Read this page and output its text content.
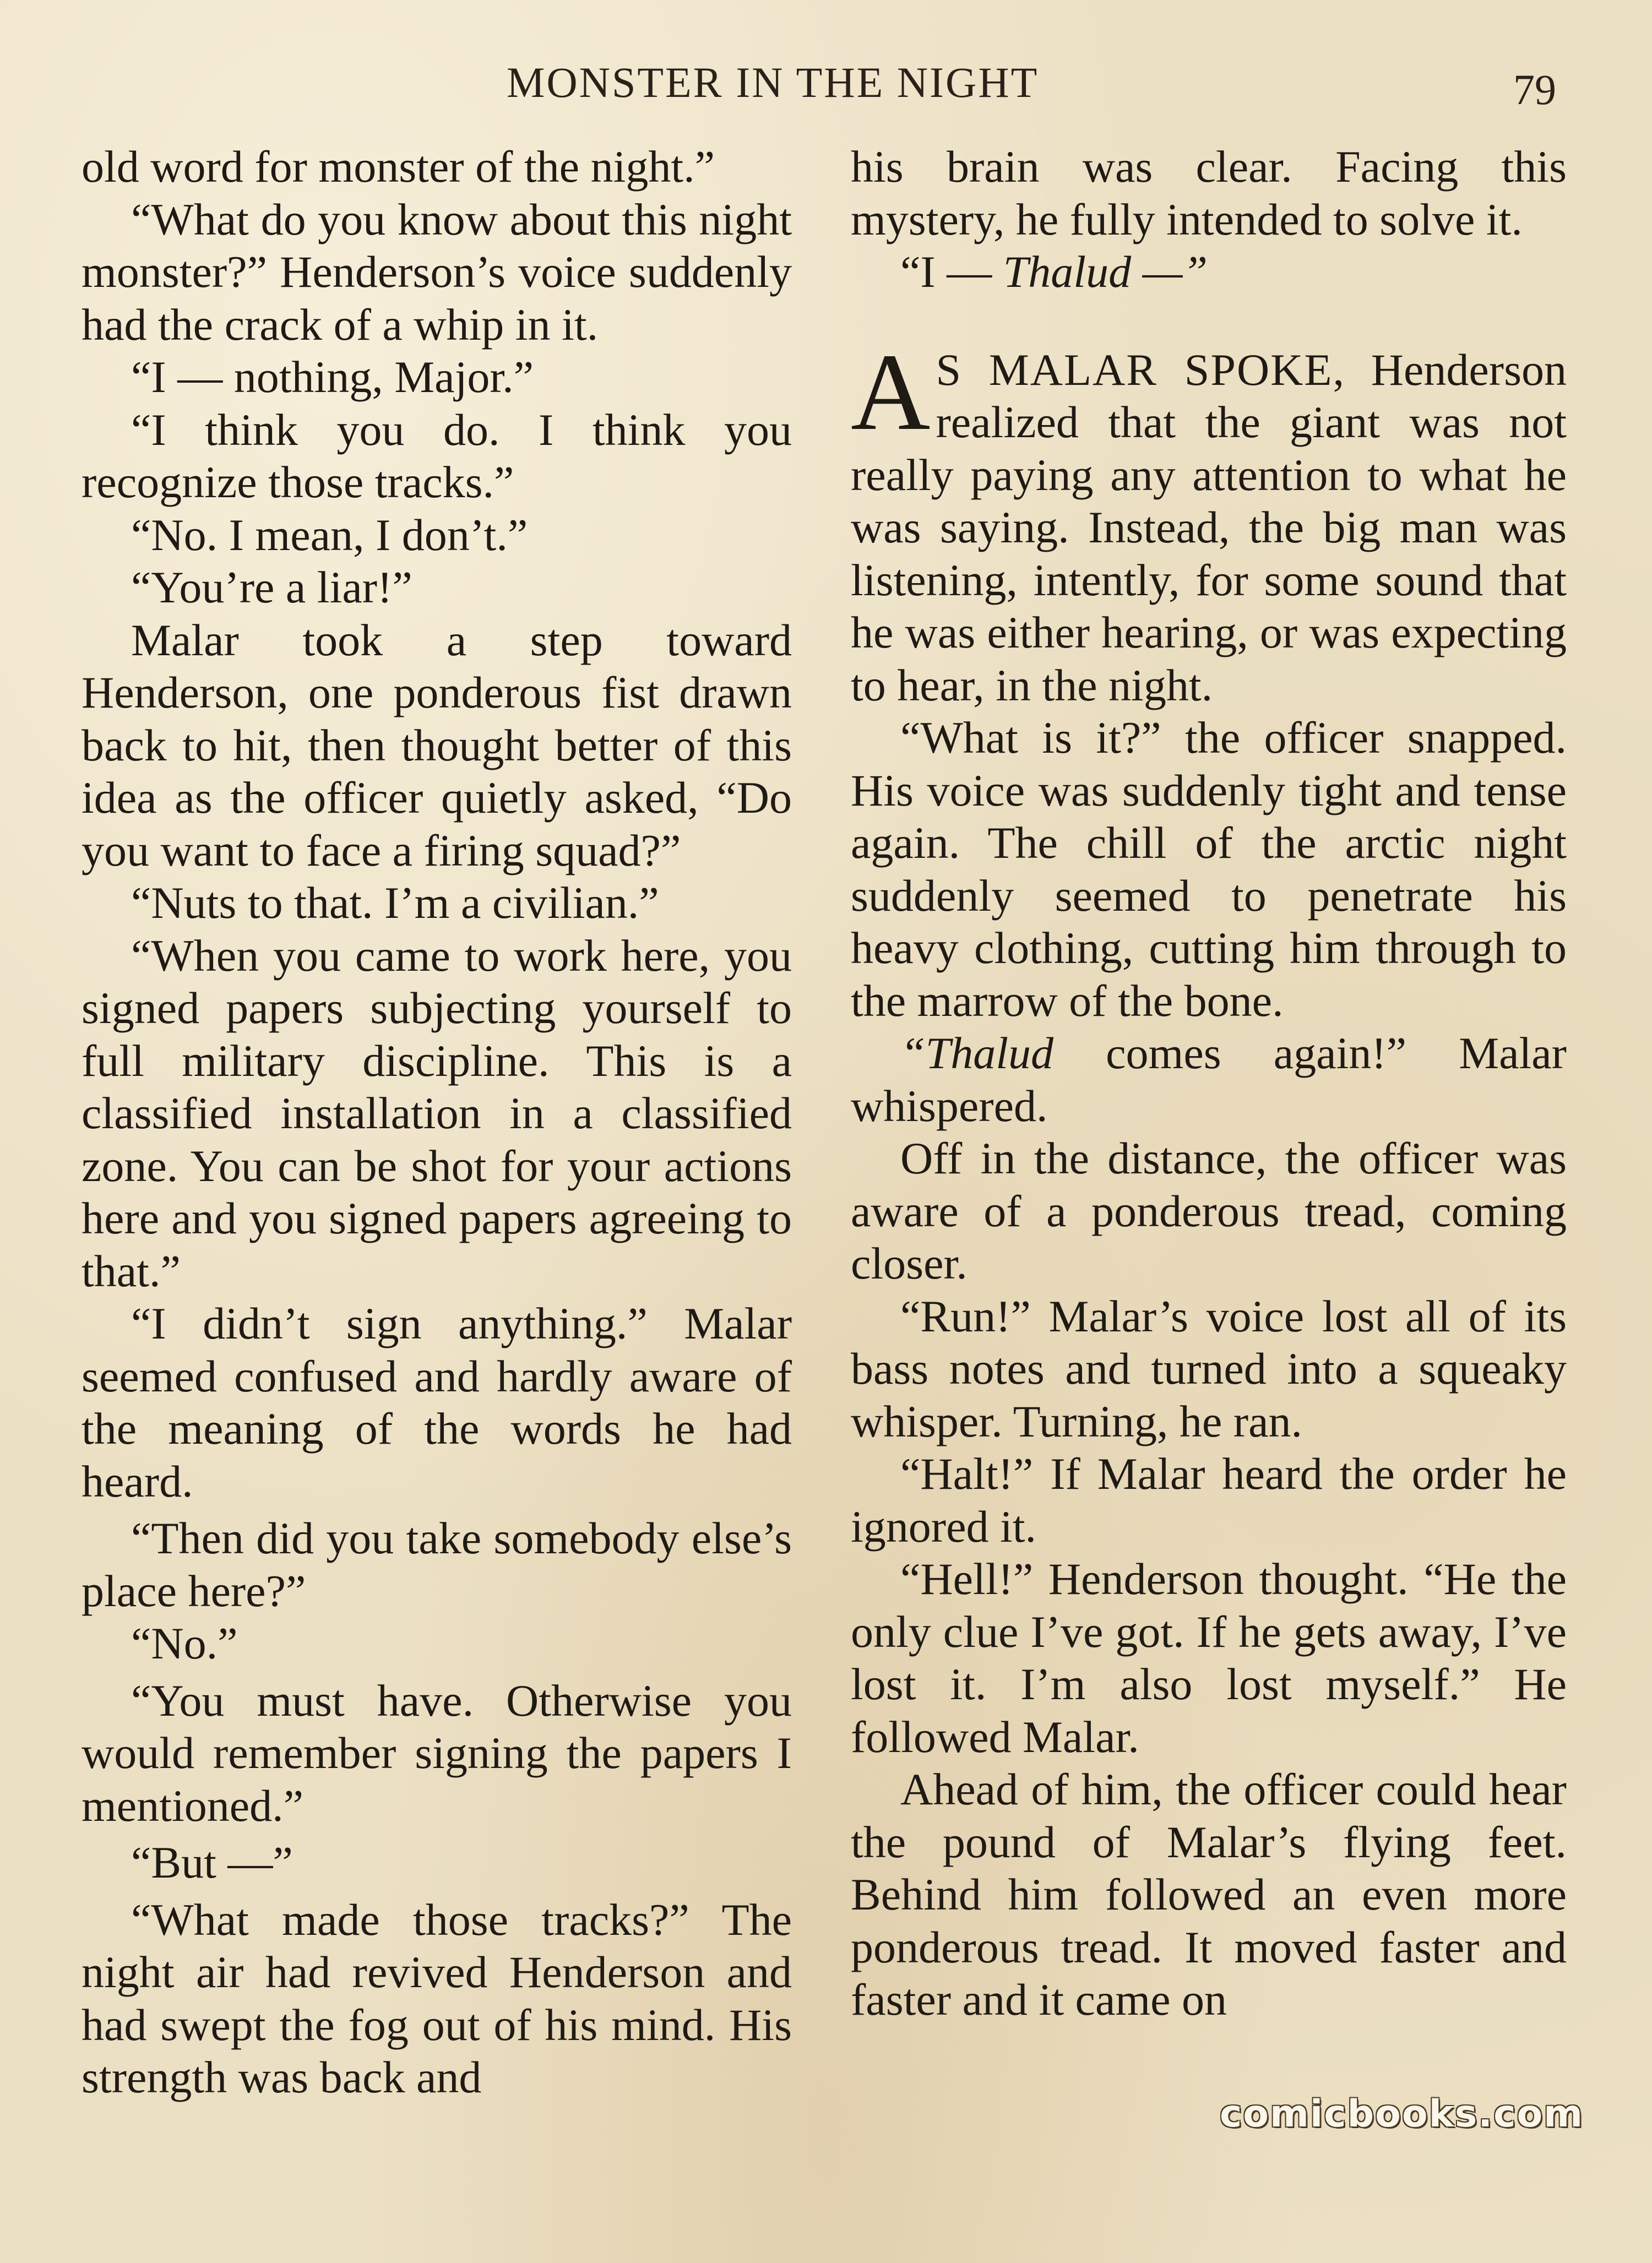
MONSTER IN THE NIGHT	79

old word for monster of the night.”

“What do you know about this night monster?” Henderson’s voice suddenly had the crack of a whip in it.

“I — nothing, Major.”

“I think you do. I think you recognize those tracks.”

“No. I mean, I don’t.”

“You’re a liar!”

Malar took a step toward Henderson, one ponderous fist drawn back to hit, then thought better of this idea as the officer quietly asked, “Do you want to face a firing squad?”

“Nuts to that. I’m a civilian.”

“When you came to work here, you signed papers subjecting yourself to full military discipline. This is a classified installation in a classified zone. You can be shot for your actions here and you signed papers agreeing to that.”

“I didn’t sign anything.” Malar seemed confused and hardly aware of the meaning of the words he had heard.

“Then did you take somebody else’s place here?”

“No.”

“You must have. Otherwise you would remember signing the papers I mentioned.”

“But —”

“What made those tracks?” The night air had revived Henderson and had swept the fog out of his mind. His strength was back and

his brain was clear. Facing this mystery, he fully intended to solve it.

“I — Thalud —”

A S MALAR SPOKE, Henderson realized that the giant was not really paying any attention to what he was saying. Instead, the big man was listening, intently, for some sound that he was either hearing, or was expecting to hear, in the night.

“What is it?” the officer snapped. His voice was suddenly tight and tense again. The chill of the arctic night suddenly seemed to penetrate his heavy clothing, cutting him through to the marrow of the bone.

“Thalud comes again!” Malar whispered.

Off in the distance, the officer was aware of a ponderous tread, coming closer.

“Run!” Malar’s voice lost all of its bass notes and turned into a squeaky whisper. Turning, he ran.

“Halt!” If Malar heard the order he ignored it.

“Hell!” Henderson thought. “He the only clue I’ve got. If he gets away, I’ve lost it. I’m also lost myself.” He followed Malar.

Ahead of him, the officer could hear the pound of Malar’s flying feet. Behind him followed an even more ponderous tread. It moved faster and faster and it came on

comicbooks.com
